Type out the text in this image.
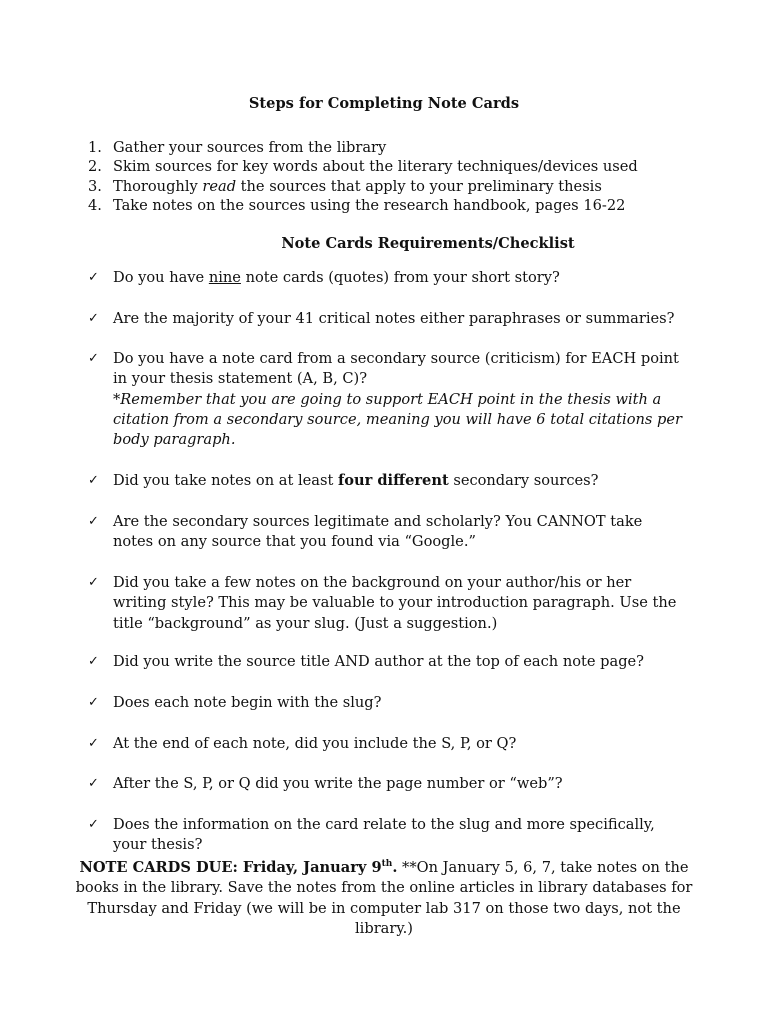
Steps for Completing Note Cards
1. Gather your sources from the library
2. Skim sources for key words about the literary techniques/devices used
3. Thoroughly read the sources that apply to your preliminary thesis
4. Take notes on the sources using the research handbook, pages 16-22
Note Cards Requirements/Checklist
✓ Do you have nine note cards (quotes) from your short story?
✓ Are the majority of your 41 critical notes either paraphrases or summaries?
✓ Do you have a note card from a secondary source (criticism) for EACH point in your thesis statement (A, B, C)?
*Remember that you are going to support EACH point in the thesis with a citation from a secondary source, meaning you will have 6 total citations per body paragraph.
✓ Did you take notes on at least four different secondary sources?
✓ Are the secondary sources legitimate and scholarly? You CANNOT take notes on any source that you found via “Google.”
✓ Did you take a few notes on the background on your author/his or her writing style? This may be valuable to your introduction paragraph. Use the title “background” as your slug. (Just a suggestion.)
✓ Did you write the source title AND author at the top of each note page?
✓ Does each note begin with the slug?
✓ At the end of each note, did you include the S, P, or Q?
✓ After the S, P, or Q did you write the page number or “web”?
✓ Does the information on the card relate to the slug and more specifically, your thesis?
NOTE CARDS DUE: Friday, January 9th. **On January 5, 6, 7, take notes on the books in the library. Save the notes from the online articles in library databases for Thursday and Friday (we will be in computer lab 317 on those two days, not the library.)
